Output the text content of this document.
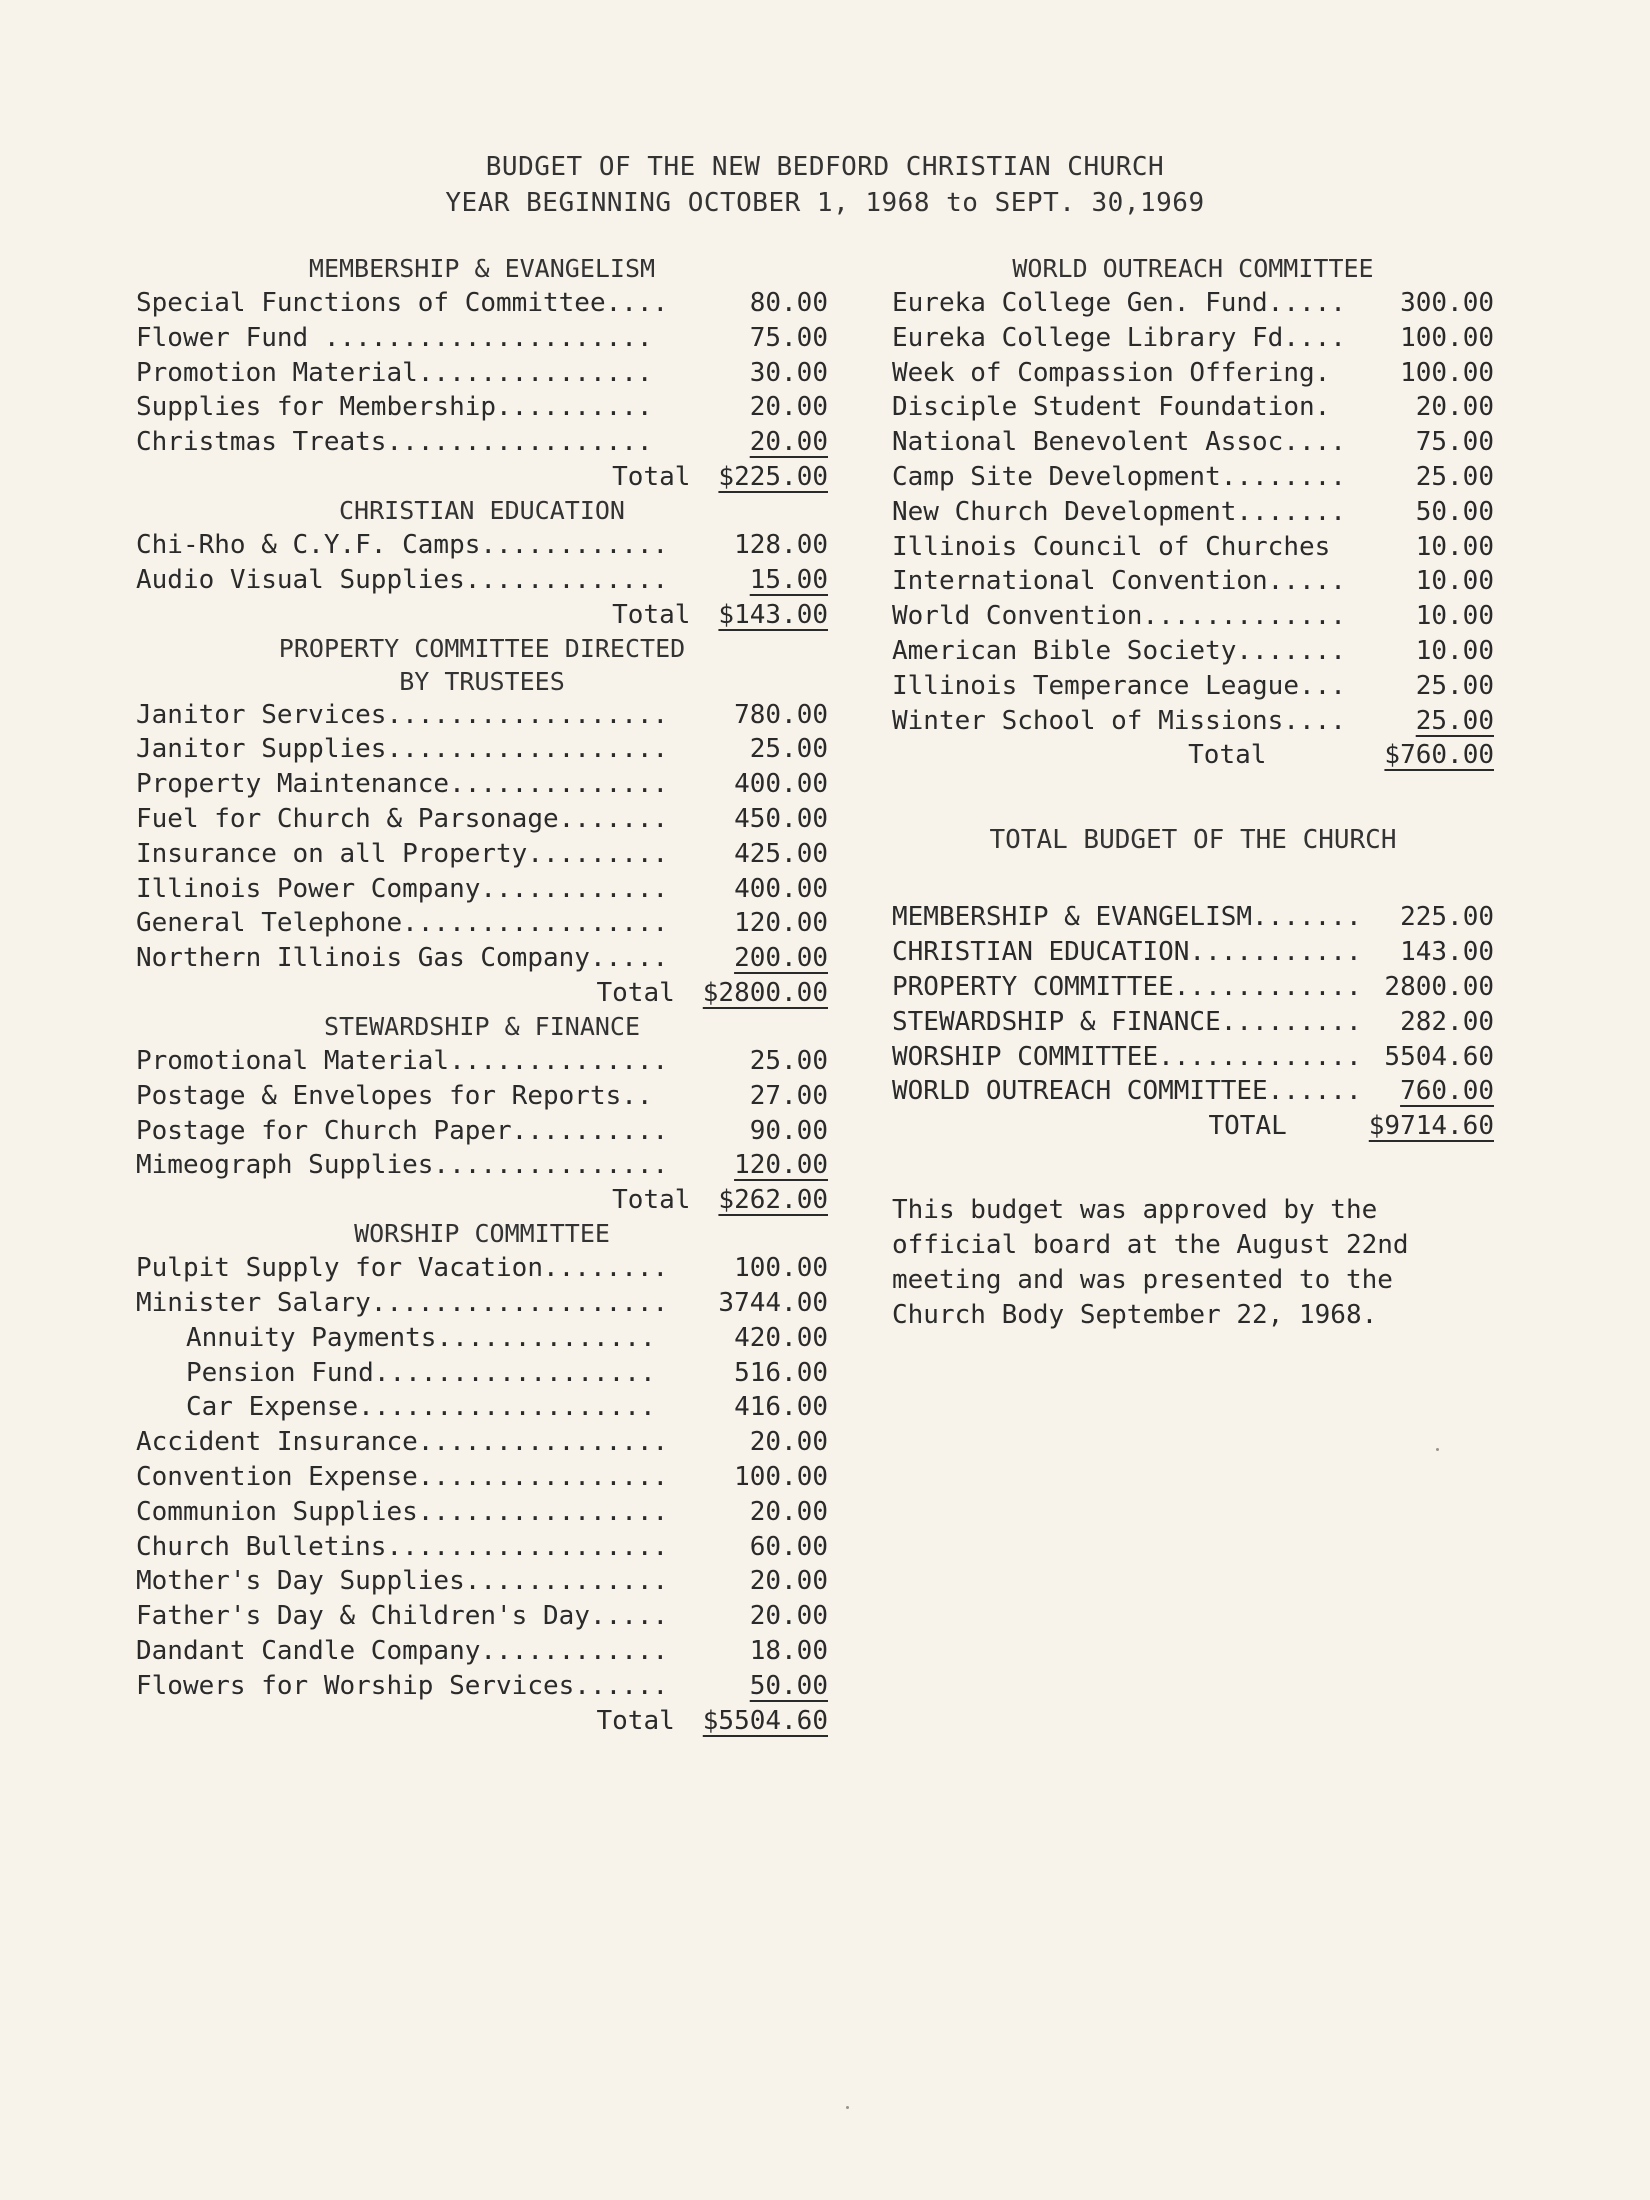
BUDGET OF THE NEW BEDFORD CHRISTIAN CHURCH
YEAR BEGINNING OCTOBER 1, 1968 to SEPT. 30,1969
MEMBERSHIP & EVANGELISM
Special Functions of Committee....	80.00
Flower Fund .....................	75.00
Promotion Material...............	30.00
Supplies for Membership..........	20.00
Christmas Treats.................	20.00
Total $225.00
CHRISTIAN EDUCATION
Chi-Rho & C.Y.F. Camps............	128.00
Audio Visual Supplies.............	15.00
Total $143.00
PROPERTY COMMITTEE DIRECTED
BY TRUSTEES
Janitor Services..................	780.00
Janitor Supplies..................	25.00
Property Maintenance..............	400.00
Fuel for Church & Parsonage.......	450.00
Insurance on all Property.........	425.00
Illinois Power Company............	400.00
General Telephone.................	120.00
Northern Illinois Gas Company.....	200.00
Total $2800.00
STEWARDSHIP & FINANCE
Promotional Material..............	25.00
Postage & Envelopes for Reports..	27.00
Postage for Church Paper..........	90.00
Mimeograph Supplies...............	120.00
Total $262.00
WORSHIP COMMITTEE
Pulpit Supply for Vacation........	100.00
Minister Salary...................	3744.00
Annuity Payments..............	420.00
Pension Fund..................	516.00
Car Expense...................	416.00
Accident Insurance................	20.00
Convention Expense................	100.00
Communion Supplies................	20.00
Church Bulletins..................	60.00
Mother's Day Supplies.............	20.00
Father's Day & Children's Day.....	20.00
Dandant Candle Company............	18.00
Flowers for Worship Services......	50.00
Total $5504.60
WORLD OUTREACH COMMITTEE
Eureka College Gen. Fund.....	300.00
Eureka College Library Fd....	100.00
Week of Compassion Offering.	100.00
Disciple Student Foundation.	20.00
National Benevolent Assoc....	75.00
Camp Site Development........	25.00
New Church Development.......	50.00
Illinois Council of Churches	10.00
International Convention.....	10.00
World Convention.............	10.00
American Bible Society.......	10.00
Illinois Temperance League...	25.00
Winter School of Missions....	25.00
Total	$760.00
TOTAL BUDGET OF THE CHURCH
MEMBERSHIP & EVANGELISM.......	225.00
CHRISTIAN EDUCATION...........	143.00
PROPERTY COMMITTEE............ 2800.00
STEWARDSHIP & FINANCE.........	282.00
WORSHIP COMMITTEE............. 5504.60
WORLD OUTREACH COMMITTEE......	760.00
TOTAL	$9714.60
This budget was approved by the
official board at the August 22nd
meeting and was presented to the
Church Body September 22, 1968.
